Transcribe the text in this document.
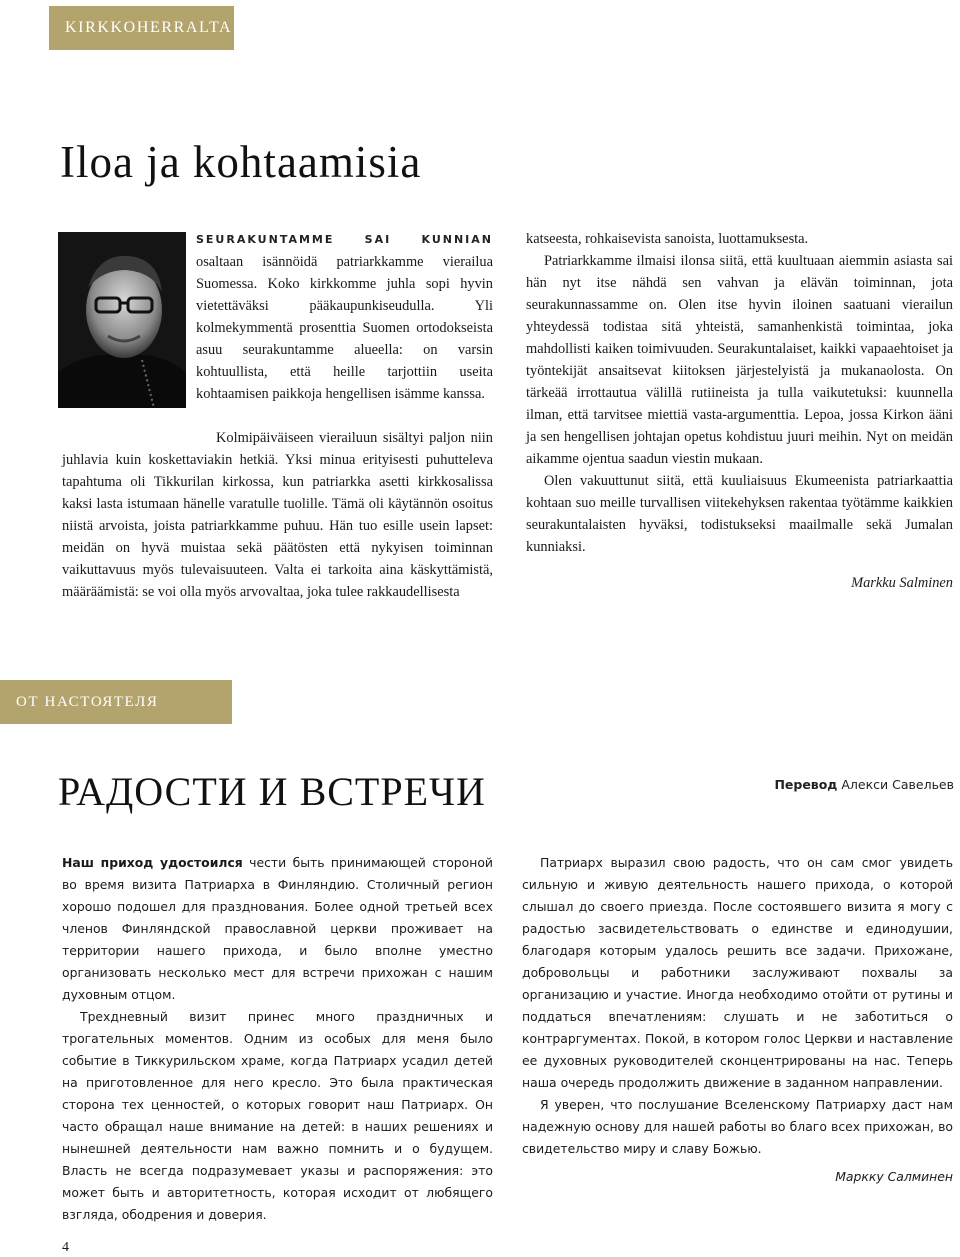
KIRKKOHERRALTA
Iloa ja kohtaamisia

SEURAKUNTAMME SAI KUNNIAN osaltaan isännöidä patriarkkamme vierailua Suomessa. Koko kirkkomme juhla sopi hyvin vietettäväksi pääkaupunkiseudulla. Yli kolmekymmentä prosenttia Suomen ortodokseista asuu seurakuntamme alueella: on varsin kohtuullista, että heille tarjottiin useita kohtaamisen paikkoja hengellisen isämme kanssa.

Kolmipäiväiseen vierailuun sisältyi paljon niin juhlavia kuin koskettaviakin hetkiä. Yksi minua erityisesti puhutteleva tapahtuma oli Tikkurilan kirkossa, kun patriarkka asetti kirkkosalissa kaksi lasta istumaan hänelle varatulle tuolille. Tämä oli käytännön osoitus niistä arvoista, joista patriarkkamme puhuu. Hän tuo esille usein lapset: meidän on hyvä muistaa sekä päätösten että nykyisen toiminnan vaikuttavuus myös tulevaisuuteen. Valta ei tarkoita aina käskyttämistä, määräämistä: se voi olla myös arvovaltaa, joka tulee rakkaudellisesta

katseesta, rohkaisevista sanoista, luottamuksesta.

Patriarkkamme ilmaisi ilonsa siitä, että kuultuaan aiemmin asiasta sai hän nyt itse nähdä sen vahvan ja elävän toiminnan, jota seurakunnassamme on. Olen itse hyvin iloinen saatuani vierailun yhteydessä todistaa sitä yhteistä, samanhenkistä toimintaa, joka mahdollisti kaiken toimivuuden. Seurakuntalaiset, kaikki vapaaehtoiset ja työntekijät ansaitsevat kiitoksen järjestelyistä ja mukanaolosta. On tärkeää irrottautua välillä rutiineista ja tulla vaikutetuksi: kuunnella ilman, että tarvitsee miettiä vasta-argumenttia. Lepoa, jossa Kirkon ääni ja sen hengellisen johtajan opetus kohdistuu juuri meihin. Nyt on meidän aikamme ojentua saadun viestin mukaan.

Olen vakuuttunut siitä, että kuuliaisuus Ekumeenista patriarkaattia kohtaan suo meille turvallisen viitekehyksen rakentaa työtämme kaikkien seurakuntalaisten hyväksi, todistukseksi maailmalle sekä Jumalan kunniaksi.

Markku Salminen

ОТ НАСТОЯТЕЛЯ
РАДОСТИ И ВСТРЕЧИ	Перевод Алекси Савельев

Наш приход удостоился чести быть принимающей стороной во время визита Патриарха в Финляндию. Столичный регион хорошо подошел для празднования. Более одной третьей всех членов Финляндской православной церкви проживает на территории нашего прихода, и было вполне уместно организовать несколько мест для встречи прихожан с нашим духовным отцом.

Трехдневный визит принес много праздничных и трогательных моментов. Одним из особых для меня было событие в Тиккурильском храме, когда Патриарх усадил детей на приготовленное для него кресло. Это была практическая сторона тех ценностей, о которых говорит наш Патриарх. Он часто обращал наше внимание на детей: в наших решениях и нынешней деятельности нам важно помнить и о будущем. Власть не всегда подразумевает указы и распоряжения: это может быть и авторитетность, которая исходит от любящего взгляда, ободрения и доверия.

Патриарх выразил свою радость, что он сам смог увидеть сильную и живую деятельность нашего прихода, о которой слышал до своего приезда. После состоявшего визита я могу с радостью засвидетельствовать о единстве и единодушии, благодаря которым удалось решить все задачи. Прихожане, добровольцы и работники заслуживают похвалы за организацию и участие. Иногда необходимо отойти от рутины и поддаться впечатлениям: слушать и не заботиться о контраргументах. Покой, в котором голос Церкви и наставление ее духовных руководителей сконцентрированы на нас. Теперь наша очередь продолжить движение в заданном направлении.

Я уверен, что послушание Вселенскому Патриарху даст нам надежную основу для нашей работы во благо всех прихожан, во свидетельство миру и славу Божью.

Маркку Салминен

4
